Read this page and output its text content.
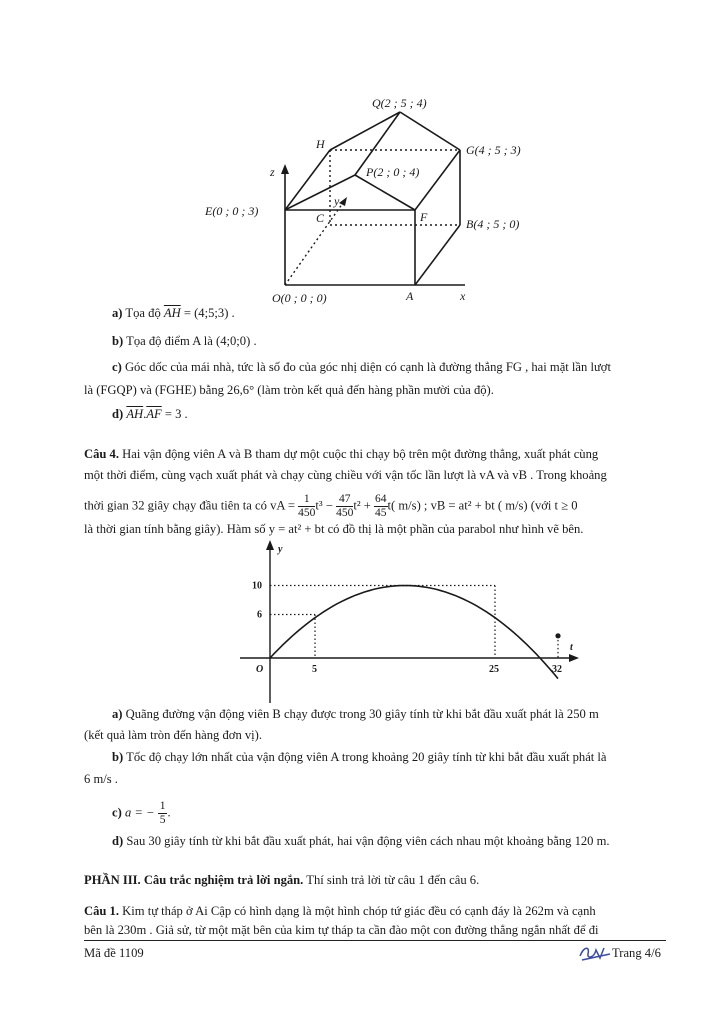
Q(2 ; 5 ; 4)
H	G(4 ; 5 ; 3)
P(2 ; 0 ; 4)
z
y
E(0 ; 0 ; 3)	C	F	B(4 ; 5 ; 0)
O(0 ; 0 ; 0)	A	x
a) Tọa độ $\overline{AH}$ = (4;5;3) .
b) Tọa độ điểm A là (4;0;0) .
c) Góc dốc của mái nhà, tức là số đo của góc nhị diện có cạnh là đường thẳng FG , hai mặt lần lượt
là (FGQP) và (FGHE) bằng 26,6° (làm tròn kết quả đến hàng phần mười của độ).
d) $\overline{AH}.\overline{AF} = 3$ .
Câu 4. Hai vận động viên A và B tham dự một cuộc thi chạy bộ trên một đường thẳng, xuất phát cùng
một thời điểm, cùng vạch xuất phát và chạy cùng chiều với vận tốc lần lượt là vA và vB . Trong khoảng
thời gian 32 giây chạy đầu tiên ta có vA = $\frac{1}{450} t^3 - \frac{47}{450} t^2 + \frac{64}{45} t$( m/s) ; vB = at² + bt ( m/s) (với t ≥ 0
là thời gian tính bằng giây). Hàm số y = at² + bt có đồ thị là một phần của parabol như hình vẽ bên.
5	25	32
6
10
y
t
O
a) Quãng đường vận động viên B chạy được trong 30 giây tính từ khi bắt đầu xuất phát là 250 m
(kết quả làm tròn đến hàng đơn vị).
b) Tốc độ chạy lớn nhất của vận động viên A trong khoảng 20 giây tính từ khi bắt đầu xuất phát là
6 m/s .
c) a = − $\frac{1}{5}$ .
d) Sau 30 giây tính từ khi bắt đầu xuất phát, hai vận động viên cách nhau một khoảng bằng 120 m.
PHẦN III. Câu trắc nghiệm trả lời ngắn. Thí sinh trả lời từ câu 1 đến câu 6.
Câu 1. Kim tự tháp ở Ai Cập có hình dạng là một hình chóp tứ giác đều có cạnh đáy là 262m và cạnh
bên là 230m . Giả sử, từ một mặt bên của kim tự tháp ta cần đào một con đường thẳng ngắn nhất để đi
Mã đề 1109	Trang 4/6
